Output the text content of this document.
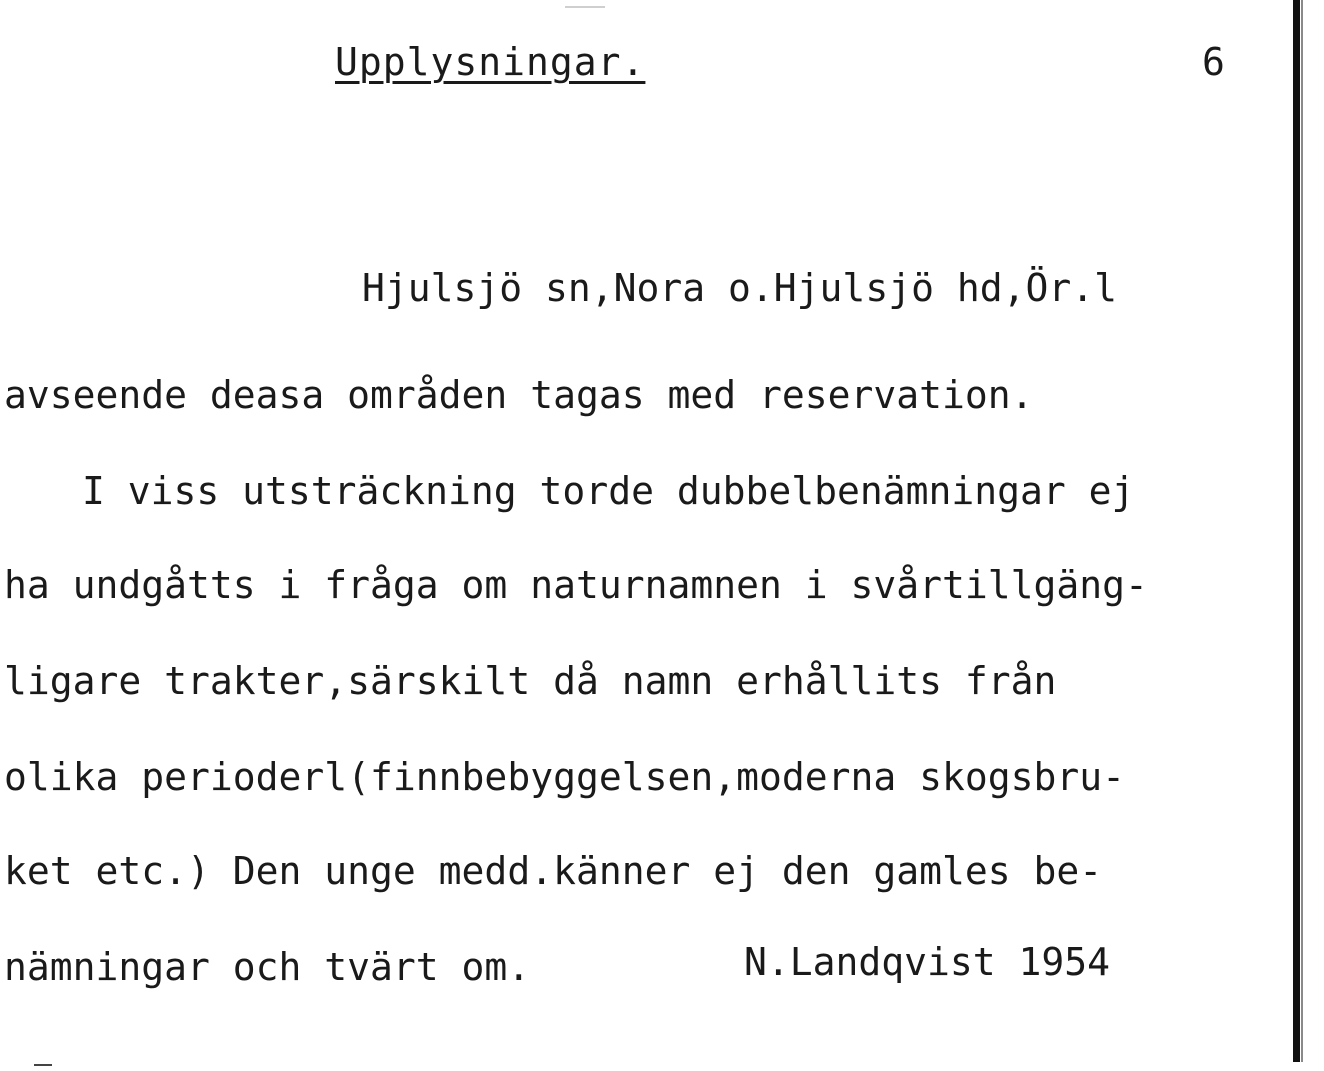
Upplysningar.	6
Hjulsjö sn,Nora o.Hjulsjö hd,Ör.l
avseende deasa områden tagas med reservation.
I viss utsträckning torde dubbelbenämningar ej
ha undgåtts i fråga om naturnamnen i svårtillgäng-
ligare trakter,särskilt då namn erhållits från
olika perioderl(finnbebyggelsen,moderna skogsbru-
ket etc.) Den unge medd.känner ej den gamles be-
nämningar och tvärt om.	N.Landqvist 1954
